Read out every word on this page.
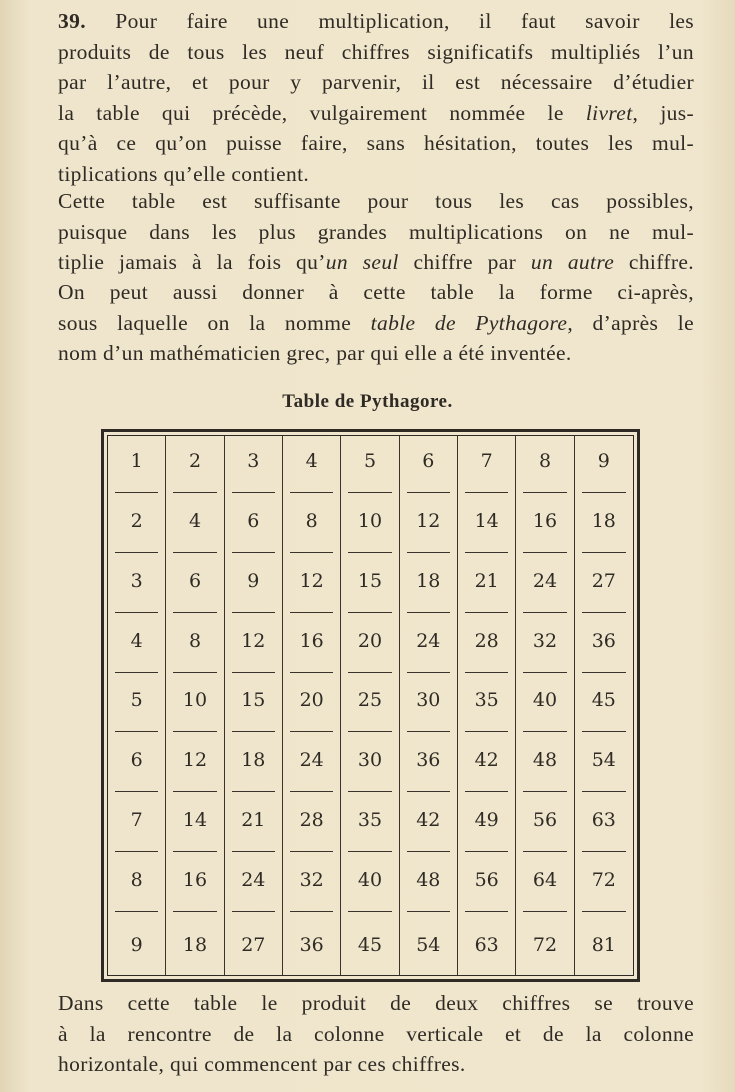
39. Pour faire une multiplication, il faut savoir les
produits de tous les neuf chiffres significatifs multipliés l’un
par l’autre, et pour y parvenir, il est nécessaire d’étudier
la table qui précède, vulgairement nommée le livret, jus-
qu’à ce qu’on puisse faire, sans hésitation, toutes les mul-
tiplications qu’elle contient.
Cette table est suffisante pour tous les cas possibles,
puisque dans les plus grandes multiplications on ne mul-
tiplie jamais à la fois qu’un seul chiffre par un autre chiffre.
On peut aussi donner à cette table la forme ci-après,
sous laquelle on la nomme table de Pythagore, d’après le
nom d’un mathématicien grec, par qui elle a été inventée.
Table de Pythagore.
1 2 3 4 5 6 7 8 9
2 4 6 8 10 12 14 16 18
3 6 9 12 15 18 21 24 27
4 8 12 16 20 24 28 32 36
5 10 15 20 25 30 35 40 45
6 12 18 24 30 36 42 48 54
7 14 21 28 35 42 49 56 63
8 16 24 32 40 48 56 64 72
9 18 27 36 45 54 63 72 81
Dans cette table le produit de deux chiffres se trouve
à la rencontre de la colonne verticale et de la colonne
horizontale, qui commencent par ces chiffres.
